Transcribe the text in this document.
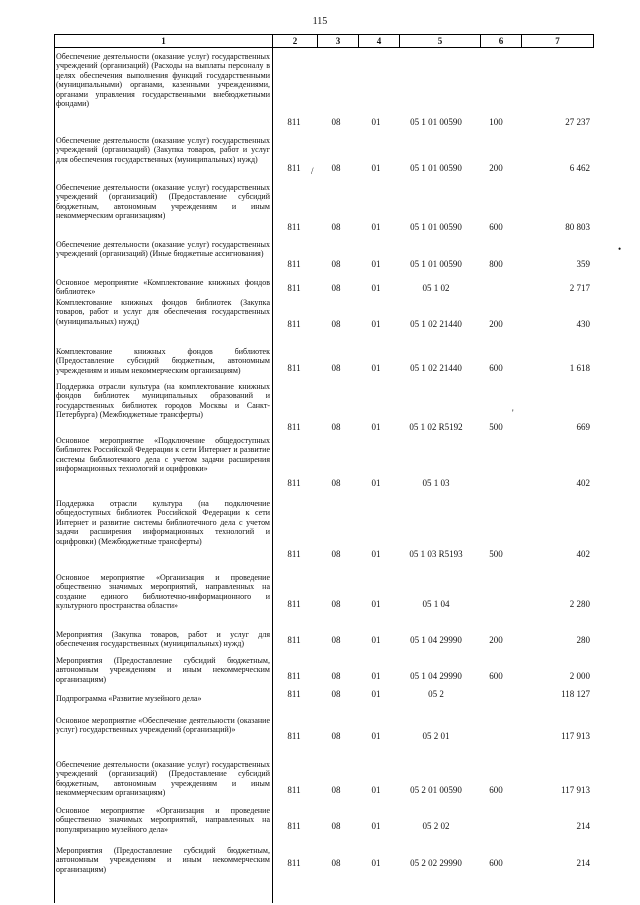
115
1	2	3	4	5	6	7
Обеспечение деятельности (оказание услуг) государственных учреждений (организаций) (Расходы на выплаты персоналу в целях обеспечения выполнения функций государственными (муниципальными) органами, казенными учреждениями, органами управления государственными внебюджетными фондами)
811	08	01	05 1 01 00590	100	27 237
Обеспечение деятельности (оказание услуг) государственных учреждений (организаций) (Закупка товаров, работ и услуг для обеспечения государственных (муниципальных) нужд)
811	08	01	05 1 01 00590	200	6 462
Обеспечение деятельности (оказание услуг) государственных учреждений (организаций) (Предоставление субсидий бюджетным, автономным учреждениям и иным некоммерческим организациям)
811	08	01	05 1 01 00590	600	80 803
Обеспечение деятельности (оказание услуг) государственных учреждений (организаций) (Иные бюджетные ассигнования)
811	08	01	05 1 01 00590	800	359
Основное мероприятие «Комплектование книжных фондов библиотек»	811	08	01	05 1 02	2 717
Комплектование книжных фондов библиотек (Закупка товаров, работ и услуг для обеспечения государственных (муниципальных) нужд)	811	08	01	05 1 02 21440	200	430
Комплектование книжных фондов библиотек (Предоставление субсидий бюджетным, автономным учреждениям и иным некоммерческим организациям)	811	08	01	05 1 02 21440	600	1 618
Поддержка отрасли культура (на комплектование книжных фондов библиотек муниципальных образований и государственных библиотек городов Москвы и Санкт-Петербурга) (Межбюджетные трансферты)
811	08	01	05 1 02 R5192	500	669
Основное мероприятие «Подключение общедоступных библиотек Российской Федерации к сети Интернет и развитие системы библиотечного дела с учетом задачи расширения информационных технологий и оцифровки»
811	08	01	05 1 03	402
Поддержка отрасли культура (на подключение общедоступных библиотек Российской Федерации к сети Интернет и развитие системы библиотечного дела с учетом задачи расширения информационных технологий и оцифровки) (Межбюджетные трансферты)
811	08	01	05 1 03 R5193	500	402
Основное мероприятие «Организация и проведение общественно значимых мероприятий, направленных на создание единого библиотечно-информационного и культурного пространства области»	811	08	01	05 1 04	2 280
Мероприятия (Закупка товаров, работ и услуг для обеспечения государственных (муниципальных) нужд)	811	08	01	05 1 04 29990	200	280
Мероприятия (Предоставление субсидий бюджетным, автономным учреждениям и иным некоммерческим организациям)	811	08	01	05 1 04 29990	600	2 000
Подпрограмма «Развитие музейного дела»	811	08	01	05 2	118 127
Основное мероприятие «Обеспечение деятельности (оказание услуг) государственных учреждений (организаций)»
811	08	01	05 2 01	117 913
Обеспечение деятельности (оказание услуг) государственных учреждений (организаций) (Предоставление субсидий бюджетным, автономным учреждениям и иным некоммерческим организациям)	811	08	01	05 2 01 00590	600	117 913
Основное мероприятие «Организация и проведение общественно значимых мероприятий, направленных на популяризацию музейного дела»	811	08	01	05 2 02	214
Мероприятия (Предоставление субсидий бюджетным, автономным учреждениям и иным некоммерческим организациям)
811	08	01	05 2 02 29990	600	214
/
'
•
